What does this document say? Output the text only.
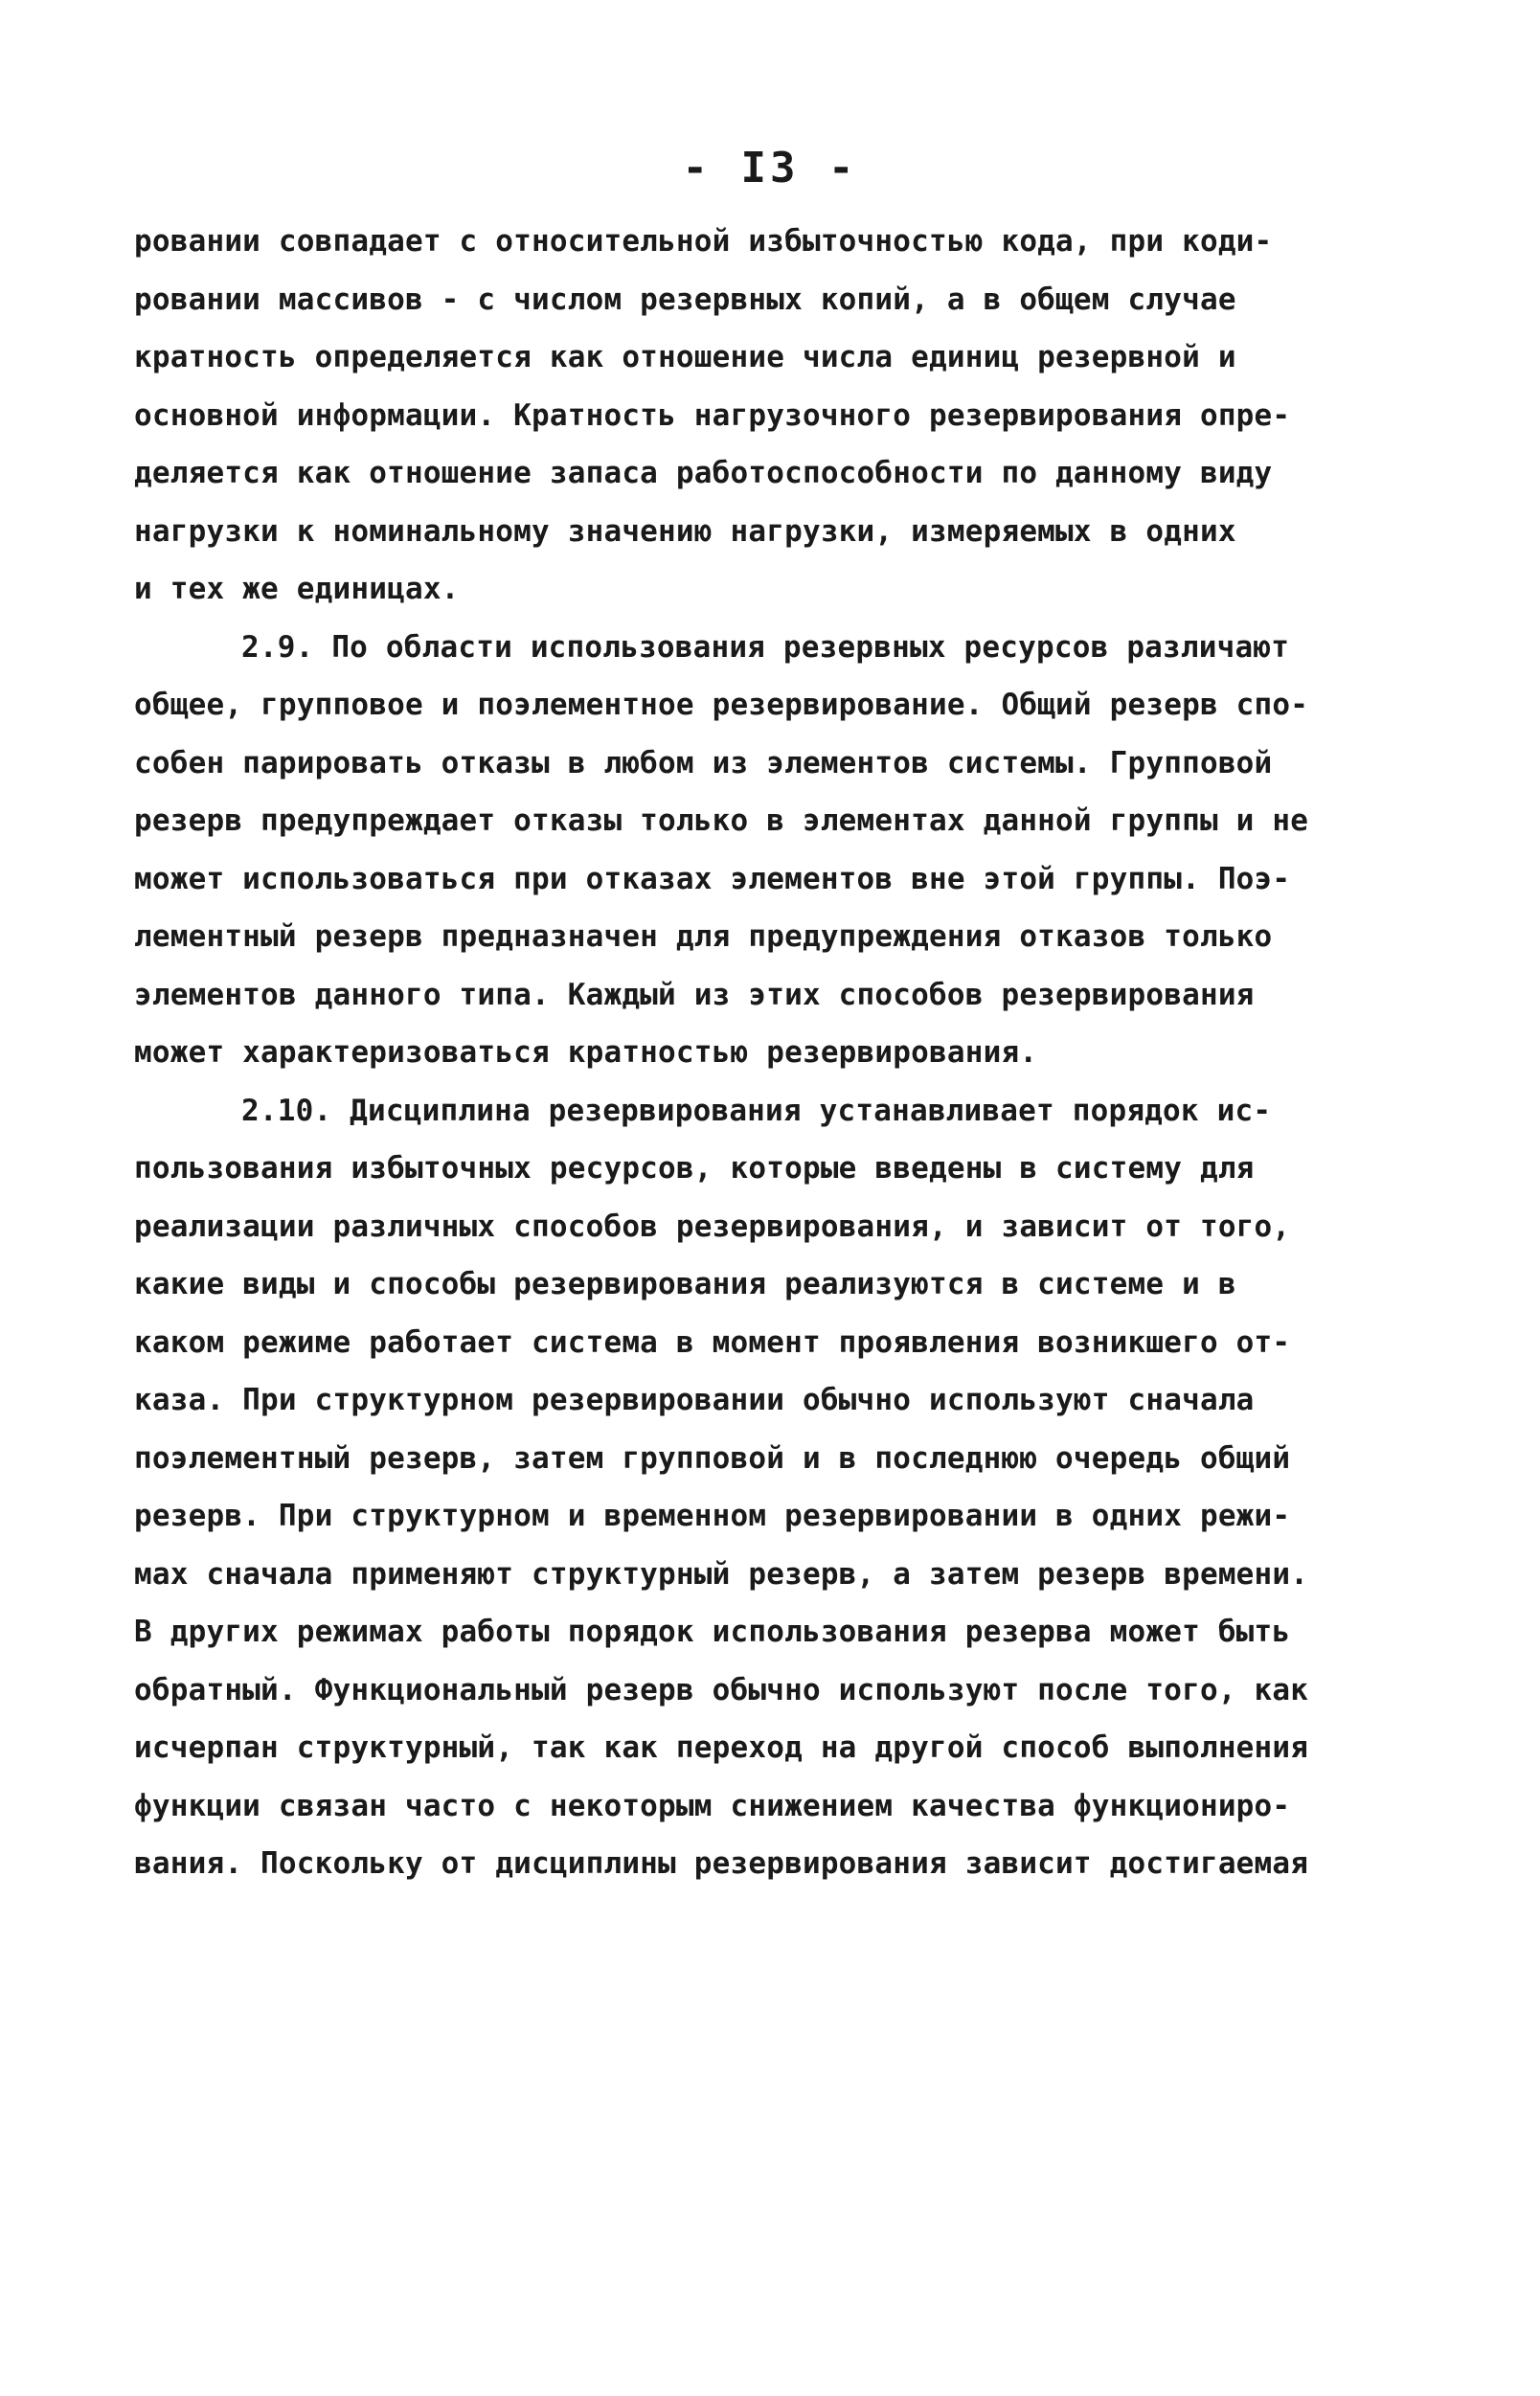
- I3 -
ровании совпадает с относительной избыточностью кода, при коди-
ровании массивов - с числом резервных копий, а в общем случае
кратность определяется как отношение числа единиц резервной и
основной информации. Кратность нагрузочного резервирования опре-
деляется как отношение запаса работоспособности по данному виду
нагрузки к номинальному значению нагрузки, измеряемых в одних
и тех же единицах.
2.9. По области использования резервных ресурсов различают
общее, групповое и поэлементное резервирование. Общий резерв спо-
собен парировать отказы в любом из элементов системы. Групповой
резерв предупреждает отказы только в элементах данной группы и не
может использоваться при отказах элементов вне этой группы. Поэ-
лементный резерв предназначен для предупреждения отказов только
элементов данного типа. Каждый из этих способов резервирования
может характеризоваться кратностью резервирования.
2.10. Дисциплина резервирования устанавливает порядок ис-
пользования избыточных ресурсов, которые введены в систему для
реализации различных способов резервирования, и зависит от того,
какие виды и способы резервирования реализуются в системе и в
каком режиме работает система в момент проявления возникшего от-
каза. При структурном резервировании обычно используют сначала
поэлементный резерв, затем групповой и в последнюю очередь общий
резерв. При структурном и временном резервировании в одних режи-
мах сначала применяют структурный резерв, а затем резерв времени.
В других режимах работы порядок использования резерва может быть
обратный. Функциональный резерв обычно используют после того, как
исчерпан структурный, так как переход на другой способ выполнения
функции связан часто с некоторым снижением качества функциониро-
вания. Поскольку от дисциплины резервирования зависит достигаемая
